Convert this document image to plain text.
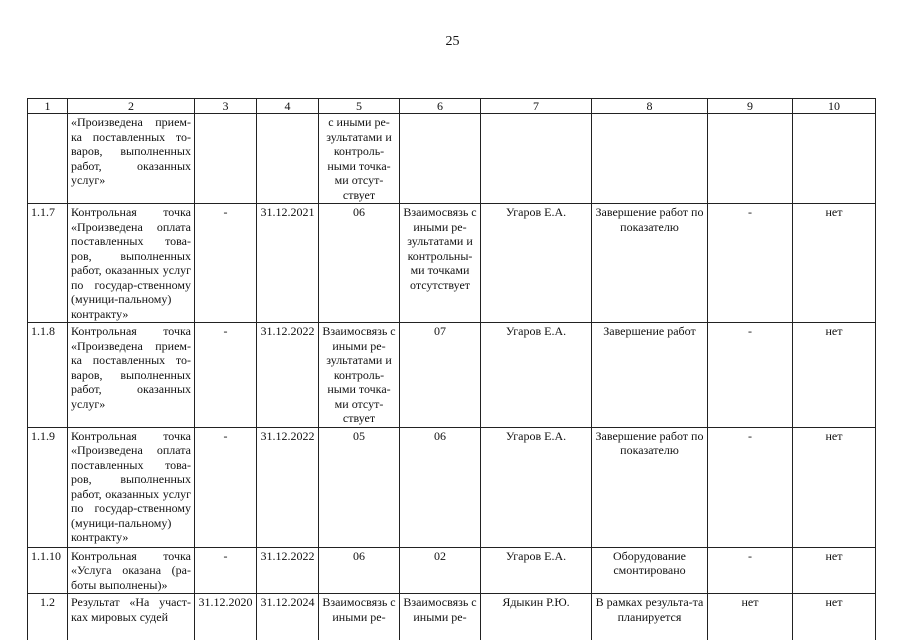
25
1	2	3	4	5	6	7	8	9	10
	«Произведена прием-ка поставленных то-варов, выполненных работ, оказанных услуг»			с иными ре-зультатами и контроль-ными точка-ми отсут-ствует					
1.1.7	Контрольная точка «Произведена оплата поставленных това-ров, выполненных работ, оказанных услуг по государ-ственному (муници-пальному) контракту»	-	31.12.2021	06	Взаимосвязь с иными ре-зультатами и контрольны-ми точками отсутствует	Угаров Е.А.	Завершение работ по показателю	-	нет
1.1.8	Контрольная точка «Произведена прием-ка поставленных то-варов, выполненных работ, оказанных услуг»	-	31.12.2022	Взаимосвязь с иными ре-зультатами и контроль-ными точка-ми отсут-ствует	07	Угаров Е.А.	Завершение работ	-	нет
1.1.9	Контрольная точка «Произведена оплата поставленных това-ров, выполненных работ, оказанных услуг по государ-ственному (муници-пальному) контракту»	-	31.12.2022	05	06	Угаров Е.А.	Завершение работ по показателю	-	нет
1.1.10	Контрольная точка «Услуга оказана (ра-боты выполнены)»	-	31.12.2022	06	02	Угаров Е.А.	Оборудование смонтировано	-	нет
1.2	Результат «На участ-ках мировых судей	31.12.2020	31.12.2024	Взаимосвязь с иными ре-	Взаимосвязь с иными ре-	Ядыкин Р.Ю.	В рамках результа-та планируется	нет	нет
